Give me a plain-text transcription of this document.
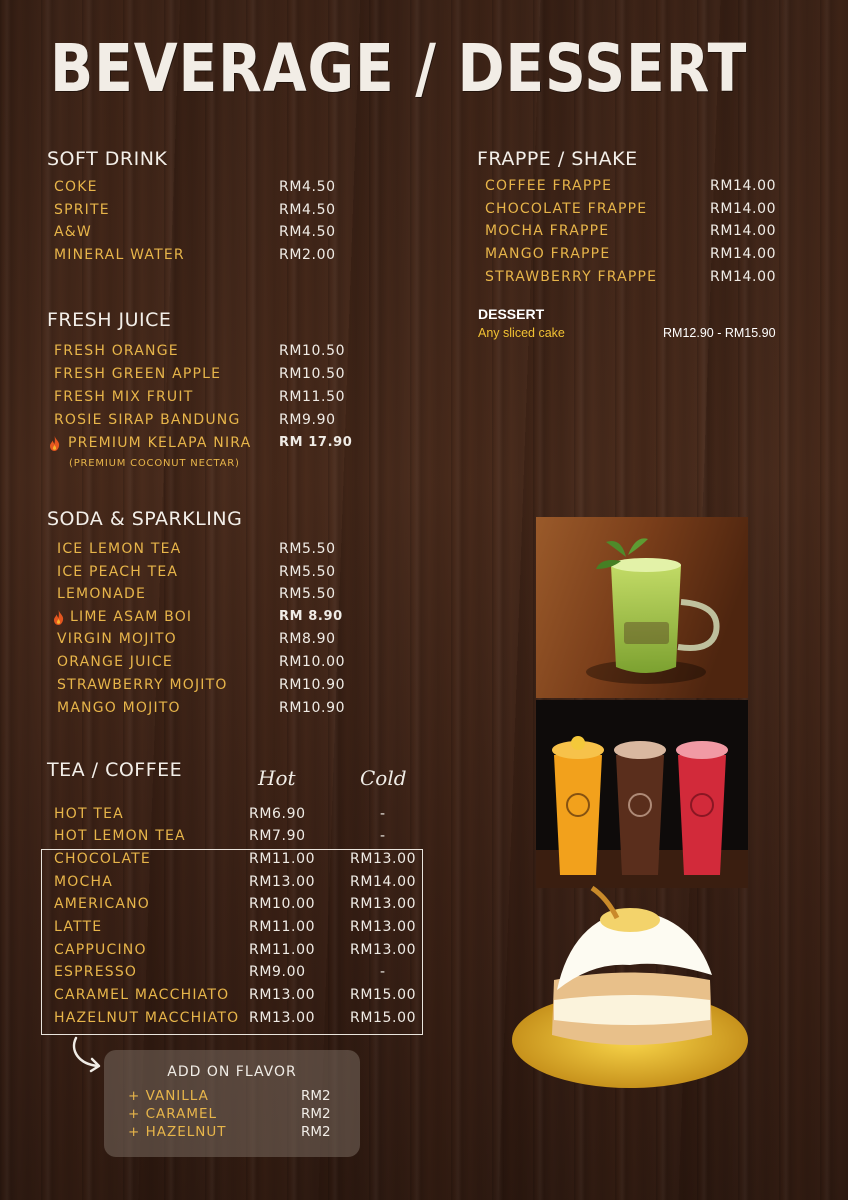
BEVERAGE / DESSERT
SOFT DRINK
COKE	RM4.50
SPRITE	RM4.50
A&W	RM4.50
MINERAL WATER	RM2.00
FRESH JUICE
FRESH ORANGE	RM10.50
FRESH GREEN APPLE	RM10.50
FRESH MIX FRUIT	RM11.50
ROSIE SIRAP BANDUNG	RM9.90
PREMIUM KELAPA NIRA RM 17.90
(PREMIUM COCONUT NECTAR)
SODA & SPARKLING
ICE LEMON TEA	RM5.50
ICE PEACH TEA	RM5.50
LEMONADE	RM5.50
LIME ASAM BOI	RM 8.90
VIRGIN MOJITO	RM8.90
ORANGE JUICE	RM10.00
STRAWBERRY MOJITO	RM10.90
MANGO MOJITO	RM10.90
TEA / COFFEE	Hot	Cold
HOT TEA	RM6.90	-
HOT LEMON TEA	RM7.90	-
CHOCOLATE	RM11.00 RM13.00
MOCHA	RM13.00 RM14.00
AMERICANO	RM10.00 RM13.00
LATTE	RM11.00 RM13.00
CAPPUCINO	RM11.00 RM13.00
ESPRESSO	RM9.00	-
CARAMEL MACCHIATO RM13.00 RM15.00
HAZELNUT MACCHIATO RM13.00 RM15.00
ADD ON FLAVOR
+ VANILLA	RM2
+ CARAMEL	RM2
+ HAZELNUT	RM2
FRAPPE / SHAKE
COFFEE FRAPPE	RM14.00
CHOCOLATE FRAPPE	RM14.00
MOCHA FRAPPE	RM14.00
MANGO FRAPPE	RM14.00
STRAWBERRY FRAPPE	RM14.00
DESSERT
Any sliced cake	RM12.90 - RM15.90
